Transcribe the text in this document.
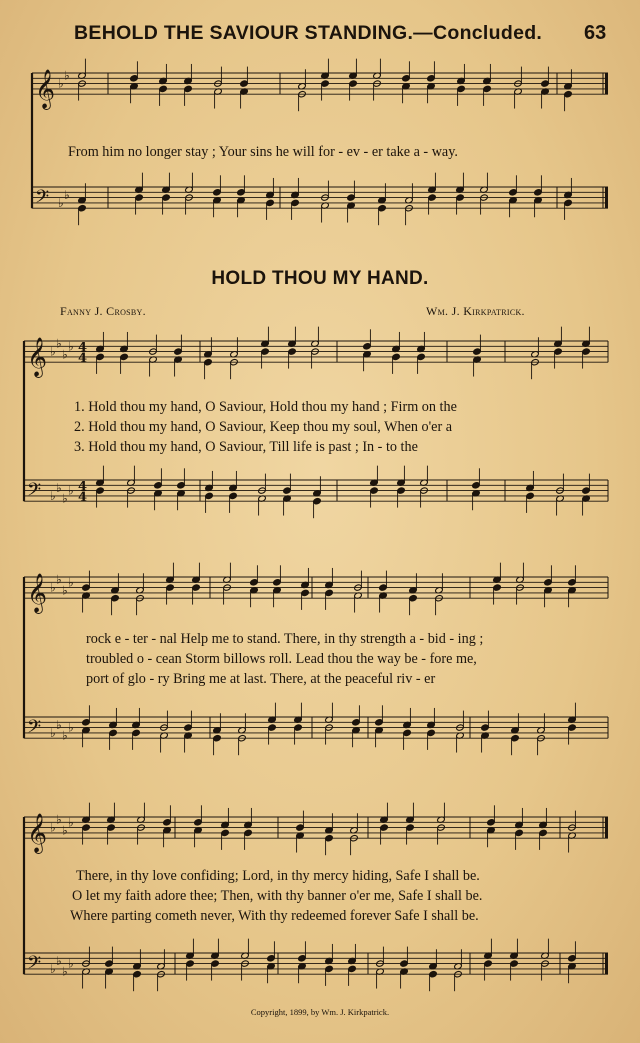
BEHOLD THE SAVIOUR STANDING.—Concluded. 63
𝄞 ♭
♭
𝄢 ♭
♭
𝄞 ♭
♭
♭
♭ 4
4
𝄢 ♭
♭
♭
♭ 4
4
𝄞 ♭
♭
♭
♭
𝄢 ♭
♭
♭
♭
𝄞 ♭
♭
♭
♭
𝄢 ♭
♭
♭
♭
From him no longer stay ; Your sins he will for - ev - er take a - way.
HOLD THOU MY HAND.
Fanny J. Crosby.	Wm. J. Kirkpatrick.
1. Hold thou my hand, O Saviour, Hold thou my hand ; Firm on the
2. Hold thou my hand, O Saviour, Keep thou my soul, When o'er a
3. Hold thou my hand, O Saviour, Till life is past ; In - to the
rock e - ter - nal Help me to stand. There, in thy strength a - bid - ing ;
troubled o - cean Storm billows roll. Lead thou the way be - fore me,
port of glo - ry Bring me at last. There, at the peaceful riv - er
There, in thy love confiding; Lord, in thy mercy hiding, Safe I shall be.
O let my faith adore thee; Then, with thy banner o'er me, Safe I shall be.
Where parting cometh never, With thy redeemed forever Safe I shall be.
Copyright, 1899, by Wm. J. Kirkpatrick.
